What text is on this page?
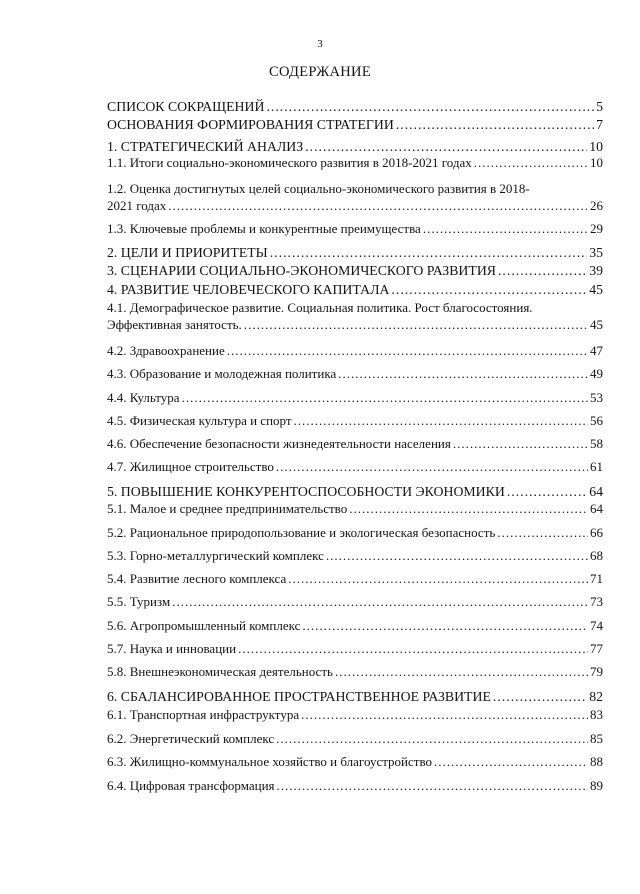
3
СОДЕРЖАНИЕ
СПИСОК СОКРАЩЕНИЙ .....	5
ОСНОВАНИЯ ФОРМИРОВАНИЯ СТРАТЕГИИ .....	7
1. СТРАТЕГИЧЕСКИЙ АНАЛИЗ .....	10
1.1. Итоги социально-экономического развития в 2018-2021 годах .....	10
1.2. Оценка достигнутых целей социально-экономического развития в 2018-
2021 годах .....	26
1.3. Ключевые проблемы и конкурентные преимущества .....	29
2. ЦЕЛИ И ПРИОРИТЕТЫ .....	35
3. СЦЕНАРИИ СОЦИАЛЬНО-ЭКОНОМИЧЕСКОГО РАЗВИТИЯ .....	39
4. РАЗВИТИЕ ЧЕЛОВЕЧЕСКОГО КАПИТАЛА .....	45
4.1. Демографическое развитие. Социальная политика. Рост благосостояния.
Эффективная занятость. .....	45
4.2. Здравоохранение .....	47
4.3. Образование и молодежная политика .....	49
4.4. Культура .....	53
4.5. Физическая культура и спорт .....	56
4.6. Обеспечение безопасности жизнедеятельности населения .....	58
4.7. Жилищное строительство .....	61
5. ПОВЫШЕНИЕ КОНКУРЕНТОСПОСОБНОСТИ ЭКОНОМИКИ .....	64
5.1. Малое и среднее предпринимательство .....	64
5.2. Рациональное природопользование и экологическая безопасность .....	66
5.3. Горно-металлургический комплекс .....	68
5.4. Развитие лесного комплекса .....	71
5.5. Туризм .....	73
5.6. Агропромышленный комплекс .....	74
5.7. Наука и инновации .....	77
5.8. Внешнеэкономическая деятельность .....	79
6. СБАЛАНСИРОВАННОЕ ПРОСТРАНСТВЕННОЕ РАЗВИТИЕ .....	82
6.1. Транспортная инфраструктура .....	83
6.2. Энергетический комплекс .....	85
6.3. Жилищно-коммунальное хозяйство и благоустройство .....	88
6.4. Цифровая трансформация .....	89
